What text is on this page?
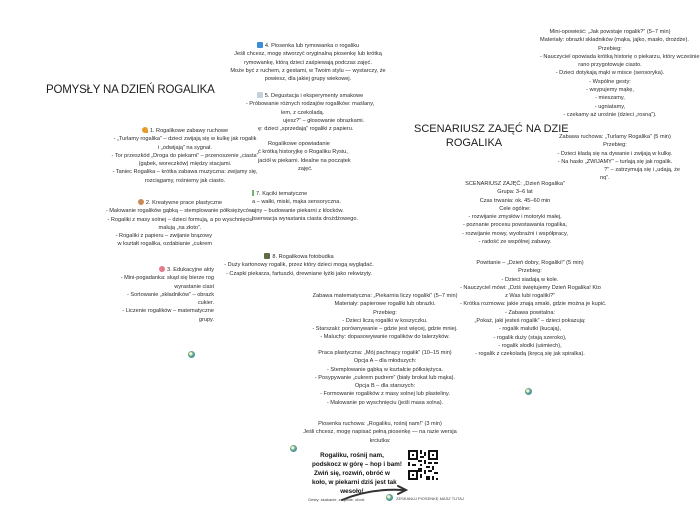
POMYSŁY NA DZIEŃ ROGALIKA
1. Rogalikowe zabawy ruchowe
- „Turlamy rogalika” – dzieci zwijają się w kulkę jak rogalik
i „odwijają” na sygnał.
- Tor przeszkód „Droga do piekarni” – przenoszenie „ciasta”
(gąbek, woreczków) między stacjami.
- Taniec Rogalika – krótka zabawa muzyczna: zwijamy się,
rozciągamy, rośniemy jak ciasto.
2. Kreatywne prace plastyczne
- Malowanie rogalików gąbką – stemplowanie półksiężyców.
- Rogaliki z masy solnej – dzieci formują, a po wyschnięciu
malują „na złoto”.
- Rogaliki z papieru – zwijanie brązowy
w kształt rogalika, ozdabianie „cukrem
3. Edukacyjne akty
- Mini-pogadanka: skąd się bierze rog
wyrastanie ciast
- Sortowanie „składników” – obrazk
cukier.
- Liczenie rogalików – matematyczne
grupy.
4. Piosenka lub rymowanka o rogaliku
Jeśli chcesz, mogę stworzyć oryginalną piosenkę lub krótką
rymowankę, którą dzieci zaśpiewają podczas zajęć.
Może być z ruchem, z gestami, w Twoim stylu — wystarczy, że
powiesz, dla jakiej grupy wiekowej.
5. Degustacja i eksperymenty smakowe
- Próbowanie różnych rodzajów rogalików: maślany,
lem, z czekoladą.
ujesz?” – głosowanie obrazkami.
ę: dzieci „sprzedają” rogaliki z papieru.
Rogalikowe opowiadanie
ć krótką historyjkę o Rogaliku Rysiu,
jaciół w piekarni. Idealne na początek
zajęć.
7. Kąciki tematyczne
a – wałki, miski, mąka sensoryczna.
ajny – budowanie piekarni z klocków.
bserwacja wyrastania ciasta drożdżowego.
8. Rogalikowa fotobudka
- Duży kartonowy rogalik, przez który dzieci mogą wyglądać.
- Czapki piekarza, fartuszki, drewniane łyżki jako rekwizyty.
Zabawa matematyczna: „Piekarnia liczy rogaliki” (5–7 min)
Materiały: papierowe rogaliki lub obrazki.
Przebieg:
- Dzieci liczą rogaliki w koszyczku.
- Starszaki: porównywanie – gdzie jest więcej, gdzie mniej.
- Maluchy: dopasowywanie rogalików do talerzyków.
Praca plastyczna: „Mój pachnący rogalik” (10–15 min)
Opcja A – dla młodszych:
- Stemplowanie gąbką w kształcie półksiężyca.
- Posypywanie „cukrem pudrem” (biały brokat lub mąka).
Opcja B – dla starszych:
- Formowanie rogalików z masy solnej lub plasteliny.
- Malowanie po wyschnięciu (jeśli masa solna).
Piosenka ruchowa: „Rogaliku, rośnij nam!” (3 min)
Jeśli chcesz, mogę napisać pełną piosenkę — na razie wersja
krciutka:
Rogaliku, rośnij nam,
podskocz w górę – hop i bam!
Zwiń się, rozwiń, obróć w
koło, w piekarni dziś jest tak
wesoło!
Gesty: skakanie, zwijanie, obrót.	ZESKANUJ PIOSENKĘ MASZ TUTAJ
SCENARIUSZ ZAJĘĆ NA DZIE
ROGALIKA
SCENARIUSZ ZAJĘĆ: „Dzień Rogalika”
Grupa: 3–6 lat
Czas trwania: ok. 45–60 min
Cele ogólne:
- rozwijanie zmysłów i motoryki małej,
- poznanie procesu powstawania rogalika,
- rozwijanie mowy, wyobraźni i współpracy,
- radość ze wspólnej zabawy.
Powitanie – „Dzień dobry, Rogaliki!” (5 min)
Przebieg:
- Dzieci siadają w kole.
- Nauczyciel mówi: „Dziś świętujemy Dzień Rogalika! Kto
z Was lubi rogaliki?”
- Krótka rozmowa: jakie znają smaki, gdzie można je kupić.
- Zabawa powitalna:
„Pokaż, jaki jesteś rogalik” – dzieci pokazują:
- rogalik malutki (kucają),
- rogalik duży (stają szeroko),
- rogalik słodki (uśmiech),
- rogalik z czekoladą (kręcą się jak spiralka).
Mini-opowieść: „Jak powstaje rogalik?” (5–7 min)
Materiały: obrazki składników (mąka, jajko, masło, drożdże).
Przebieg:
- Nauczyciel opowiada krótką historię o piekarzu, który wcześnie
rano przygotowuje ciasto.
- Dzieci dotykają mąki w misce (sensoryka).
- Wspólne gesty:
- wsypujemy mąkę,
- mieszamy,
- ugniatamy,
- czekamy aż urośnie (dzieci „rosną”).
Zabawa ruchowa: „Turlamy Rogalika” (5 min)
Przebieg:
- Dzieci kładą się na dywanie i zwijają w kulkę.
- Na hasło „ZWIJAMY” – turlają się jak rogalik.
?” – zatrzymują się i „udają, że
nq”.
